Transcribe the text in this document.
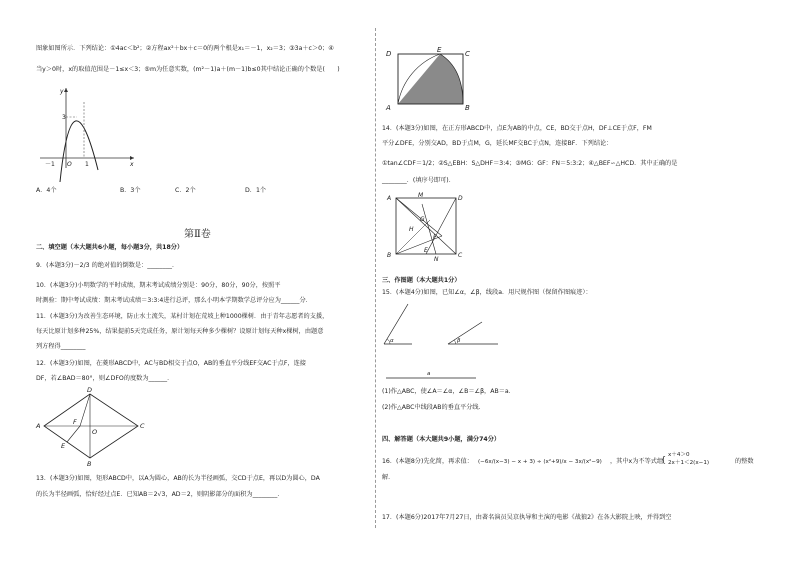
图象如图所示．下列结论：①4ac＜b²；②方程ax²＋bx＋c＝0的两个根是x₁＝－1，x₂＝3；③3a＋c＞0；④
当y＞0时，x的取值范围是－1≤x＜3；⑤m为任意实数，(m²－1)a＋(m－1)b≤0其中结论正确的个数是(　　)
y
x
3
－1 O 1
A．4个	B．3个	C．2个	D．1个
第Ⅱ卷
二、填空题（本大题共6小题，每小题3分，共18分）
9．(本题3分)－2/3 的绝对值的倒数是：________．
10．(本题3分)小明数学的平时成绩，期末考试成绩分别是：90分，80分，90分，按照平
时测验：期中考试成绩：期末考试成绩＝3:3:4进行总评，那么小明本学期数学总评分应为______分．
11．(本题3分)为改善生态环境，防止水土流失，某村计划在荒坡上种1000棵树．由于青年志愿者的支援，
每天比原计划多种25%，结果提前5天完成任务，原计划每天种多少棵树？设原计划每天种x棵树，由题意
列方程得________
12．(本题3分)如图，在菱形ABCD中，AC与BD相交于点O，AB的垂直平分线EF交AC于点F，连接
DF，若∠BAD＝80°，则∠DFO的度数为______．
A
D
C
B
E
F
O
13．(本题3分)如图，矩形ABCD中，以A为圆心，AB的长为半径画弧，交CD于点E，再以D为圆心，DA
的长为半径画弧，恰好经过点E．已知AB＝2√3，AD＝2，则阴影部分的面积为________．
D	E	C
A	B
14．(本题3分)如图，在正方形ABCD中，点E为AB的中点，CE，BD交于点H，DF⊥CE于点F，FM
平分∠DFE，分别交AD，BD于点M，G，延长MF交BC于点N，连接BF．下列结论：
①tan∠CDF＝1/2；②S△EBH：S△DHF＝3:4；③MG：GF：FN＝5:3:2；④△BEF∽△HCD．其中正确的是
________．(填序号即可)．
A	D
B	C
M
G
H
F
E
N
三、作图题（本大题共1分）
15．(本题4分)如图，已知∠α，∠β，线段a．用尺规作图（保留作图痕迹）：
α	β
a
(1)作△ABC，使∠A＝∠α，∠B＝∠β，AB＝a．
(2)作△ABC中线段AB的垂直平分线．
四、解答题（本大题共9小题，满分74分）
16．(本题8分)先化简，再求值： (−6x/(x−3) − x + 3) ÷ (x²+9)/x − 3x/(x²−9) ，其中x为不等式组
{ x＋4＞0
2x＋1＜2(x−1)	的整数
解．
17．(本题6分)2017年7月27日，由著名演员吴京执导和主演的电影《战狼2》在各大影院上映，并得到空
